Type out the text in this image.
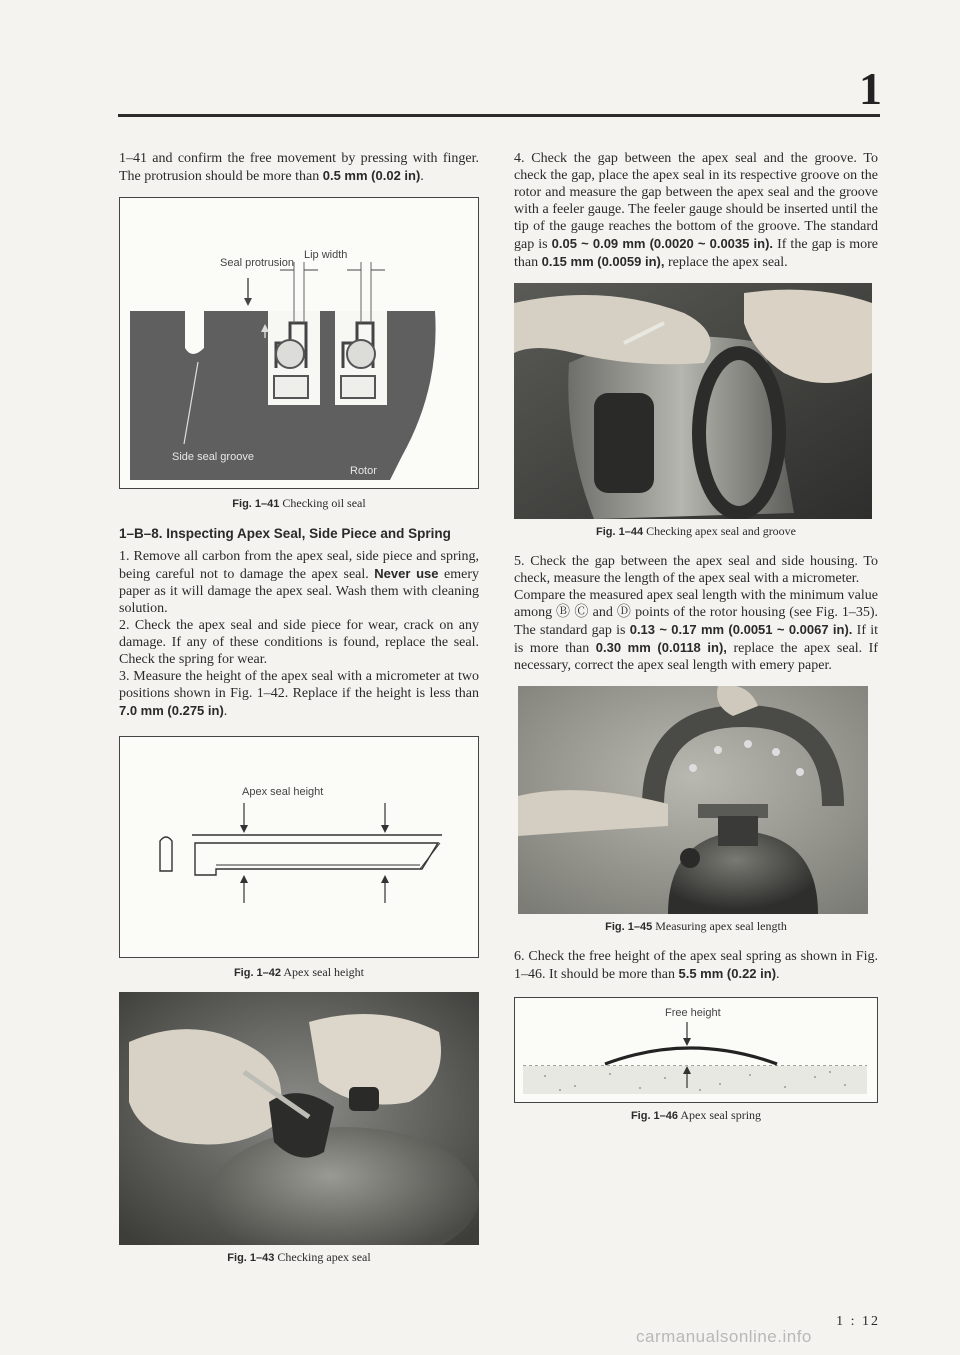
1

1–41 and confirm the free movement by pressing with finger. The protrusion should be more than 0.5 mm (0.02 in).

Seal protrusion
Lip width
Side seal groove
Rotor
Fig. 1–41 Checking oil seal

1–B–8. Inspecting Apex Seal, Side Piece and Spring

1. Remove all carbon from the apex seal, side piece and spring, being careful not to damage the apex seal. Never use emery paper as it will damage the apex seal. Wash them with cleaning solution.

2. Check the apex seal and side piece for wear, crack on any damage. If any of these conditions is found, replace the seal. Check the spring for wear.

3. Measure the height of the apex seal with a micrometer at two positions shown in Fig. 1–42. Replace if the height is less than 7.0 mm (0.275 in).

Apex seal height
Fig. 1–42 Apex seal height
Fig. 1–43 Checking apex seal

4. Check the gap between the apex seal and the groove. To check the gap, place the apex seal in its respective groove on the rotor and measure the gap between the apex seal and the groove with a feeler gauge. The feeler gauge should be inserted until the tip of the gauge reaches the bottom of the groove. The standard gap is 0.05 ~ 0.09 mm (0.0020 ~ 0.0035 in). If the gap is more than 0.15 mm (0.0059 in), replace the apex seal.

Fig. 1–44 Checking apex seal and groove

5. Check the gap between the apex seal and side housing. To check, measure the length of the apex seal with a micrometer.

Compare the measured apex seal length with the minimum value among Ⓑ Ⓒ and Ⓓ points of the rotor housing (see Fig. 1–35). The standard gap is 0.13 ~ 0.17 mm (0.0051 ~ 0.0067 in). If it is more than 0.30 mm (0.0118 in), replace the apex seal. If necessary, correct the apex seal length with emery paper.

Fig. 1–45 Measuring apex seal length

6. Check the free height of the apex seal spring as shown in Fig. 1–46. It should be more than 5.5 mm (0.22 in).

Free height
Fig. 1–46 Apex seal spring
1 : 12
carmanualsonline.info
